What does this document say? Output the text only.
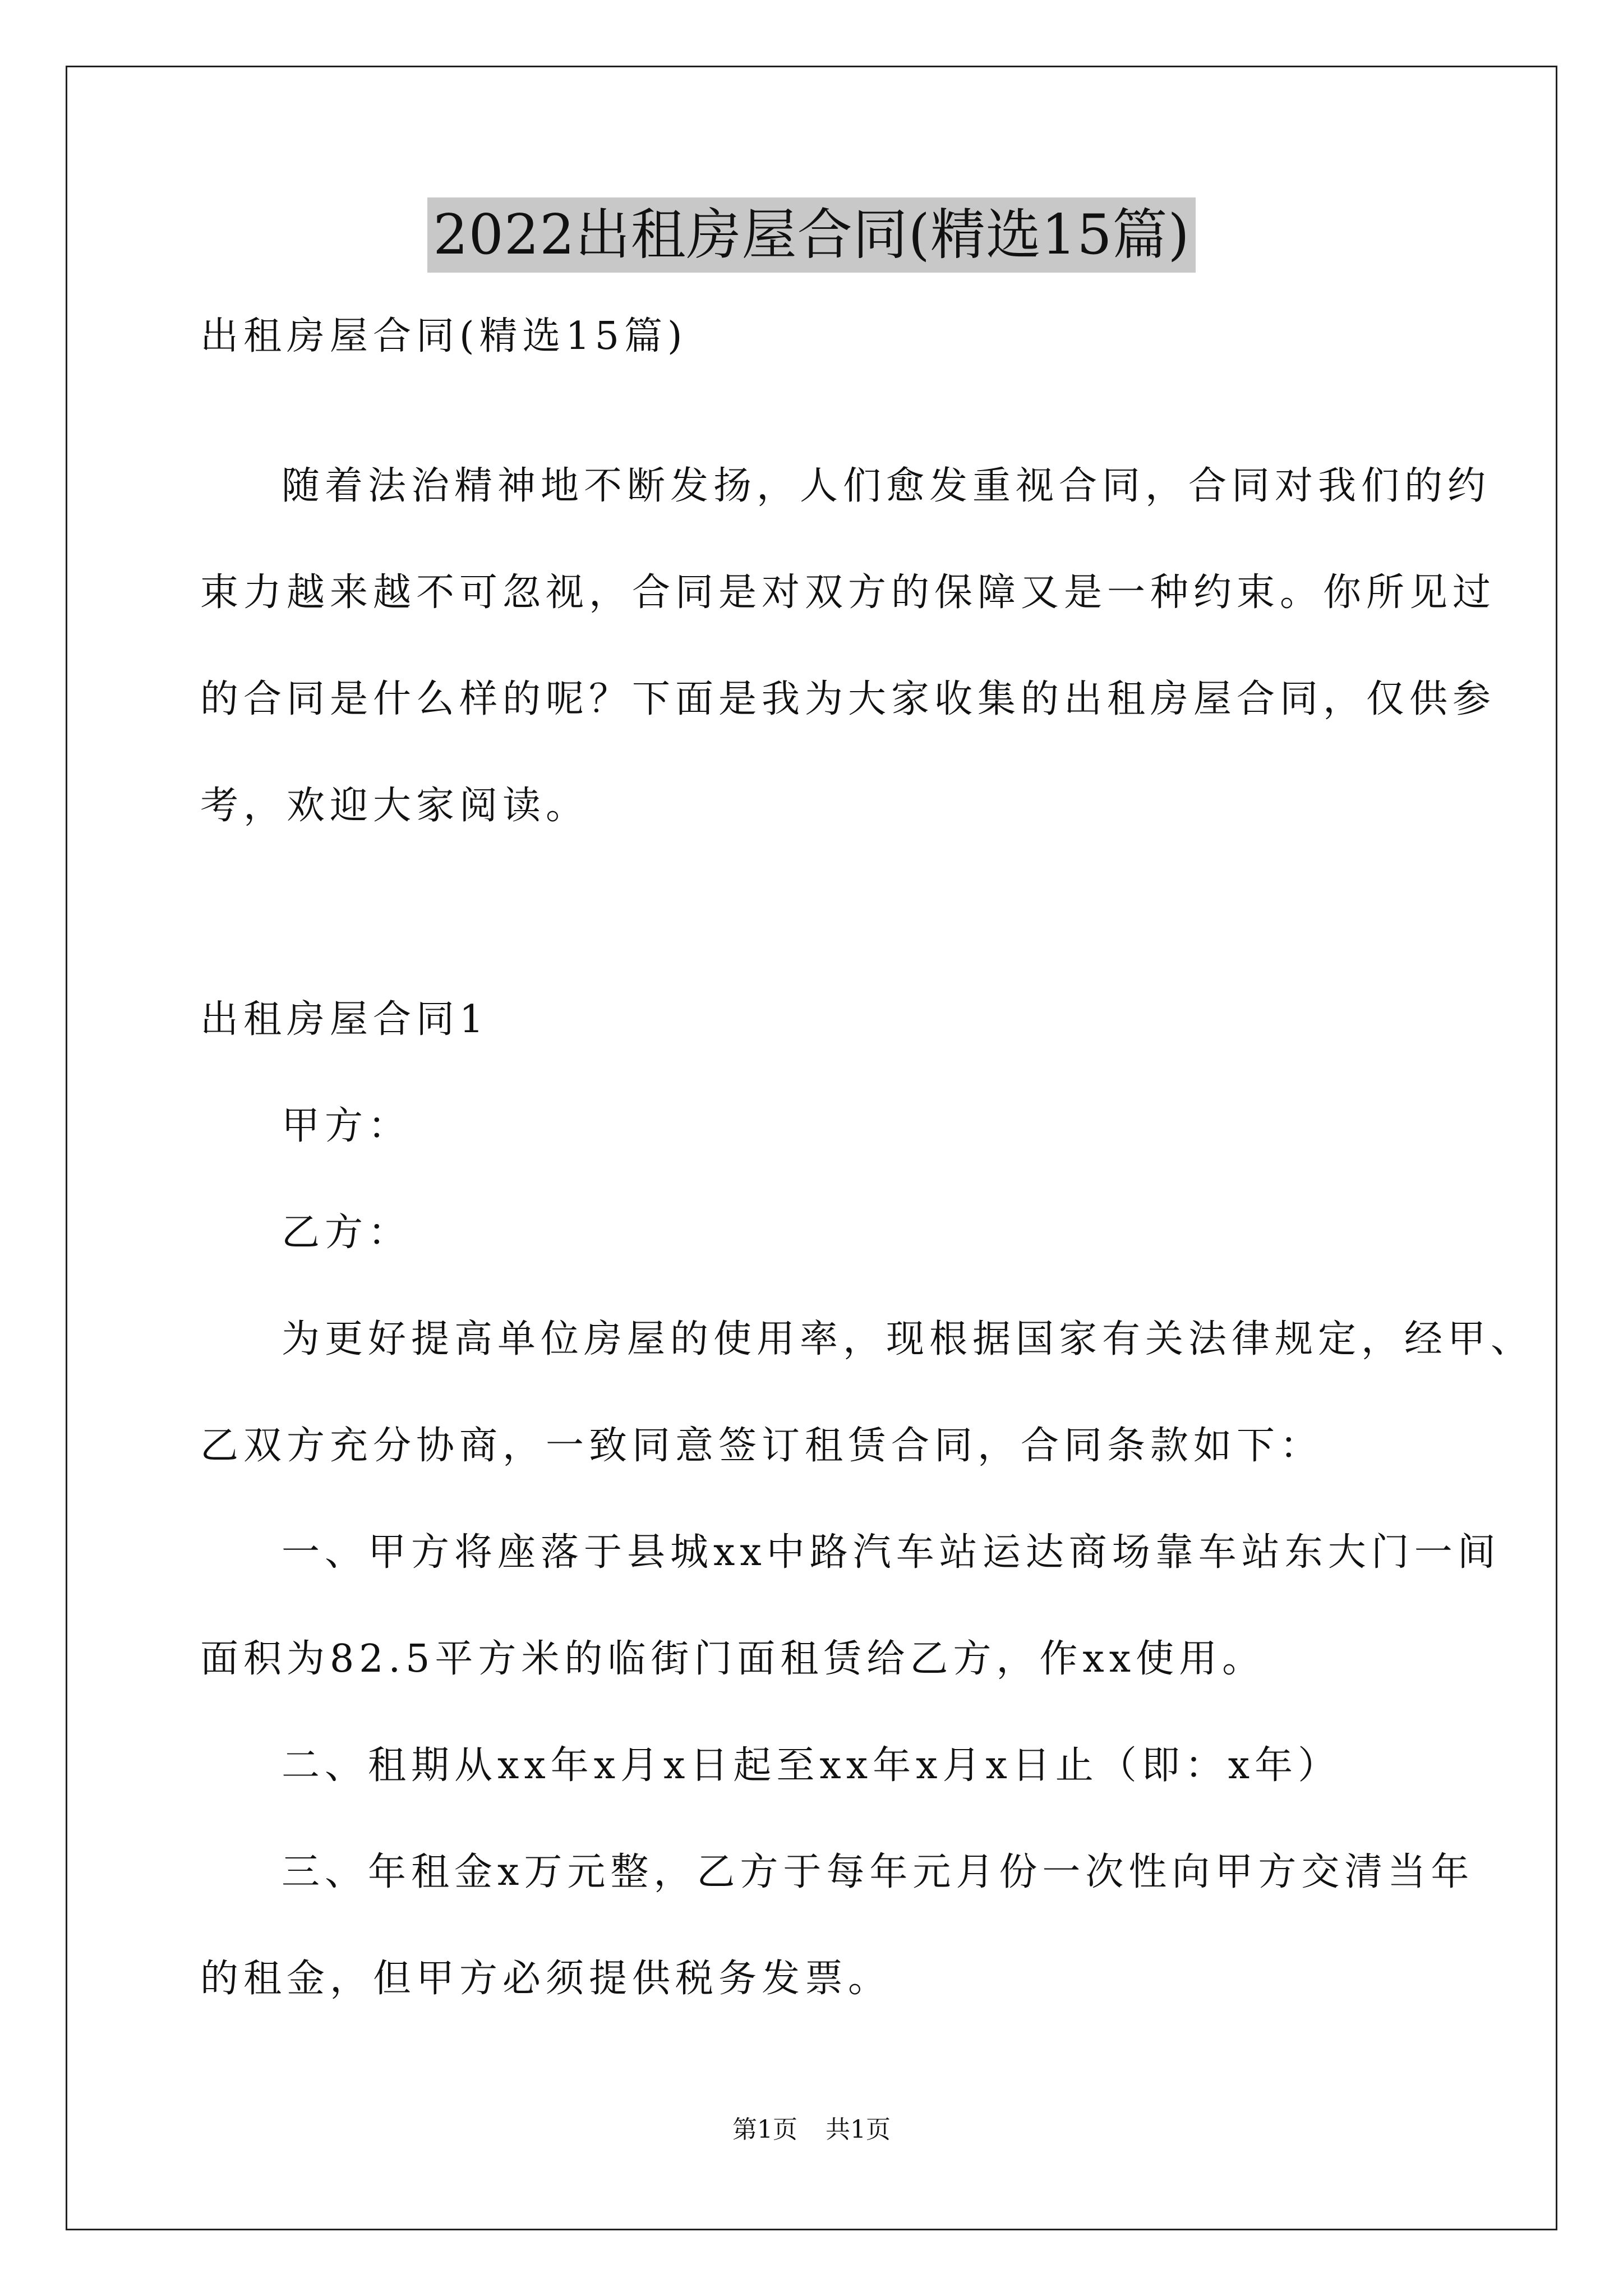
2022出租房屋合同(精选15篇)
出租房屋合同(精选15篇)
随着法治精神地不断发扬，人们愈发重视合同，合同对我们的约
束力越来越不可忽视，合同是对双方的保障又是一种约束。你所见过
的合同是什么样的呢？下面是我为大家收集的出租房屋合同，仅供参
考，欢迎大家阅读。
出租房屋合同1
甲方：
乙方：
为更好提高单位房屋的使用率，现根据国家有关法律规定，经甲、
乙双方充分协商，一致同意签订租赁合同，合同条款如下：
一、甲方将座落于县城xx中路汽车站运达商场靠车站东大门一间
面积为82.5平方米的临街门面租赁给乙方，作xx使用。
二、租期从xx年x月x日起至xx年x月x日止（即：x年）
三、年租金x万元整，乙方于每年元月份一次性向甲方交清当年
的租金，但甲方必须提供税务发票。
第1页 共1页
